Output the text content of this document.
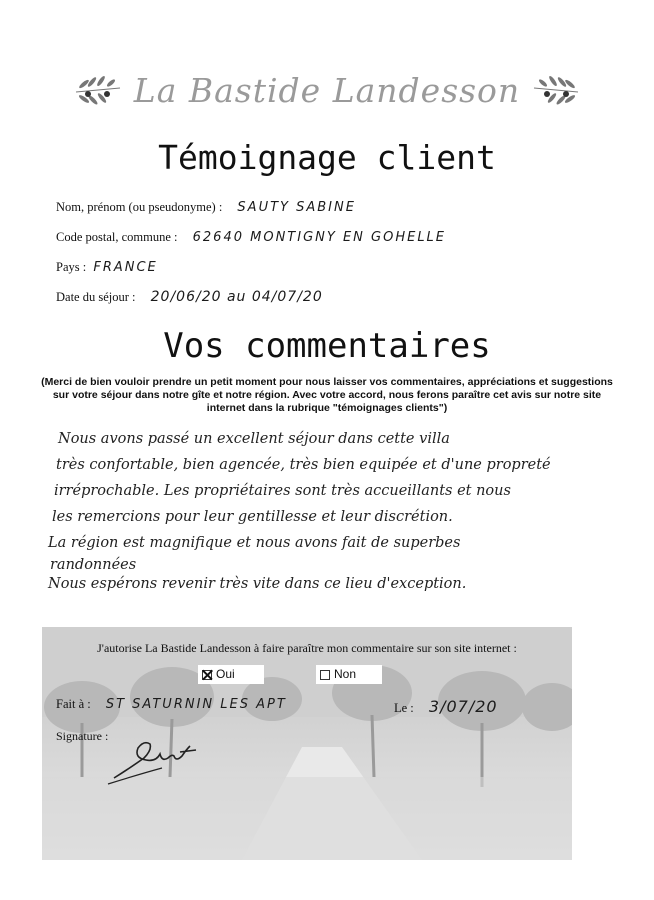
La Bastide Landesson
Témoignage client
Nom, prénom (ou pseudonyme) : SAUTY SABINE
Code postal, commune : 62640 MONTIGNY EN GOHELLE
Pays : FRANCE
Date du séjour : 20/06/20 au 04/07/20
Vos commentaires
(Merci de bien vouloir prendre un petit moment pour nous laisser vos commentaires, appréciations et suggestions sur votre séjour dans notre gîte et notre région. Avec votre accord, nous ferons paraître cet avis sur notre site internet dans la rubrique "témoignages clients")
Nous avons passé un excellent séjour dans cette villa
très confortable, bien agencée, très bien equipée et d'une propreté
irréprochable. Les propriétaires sont très accueillants et nous
les remercions pour leur gentillesse et leur discrétion.
La région est magnifique et nous avons fait de superbes
randonnées
Nous espérons revenir très vite dans ce lieu d'exception.
J'autorise La Bastide Landesson à faire paraître mon commentaire sur son site internet :
Oui	Non
Fait à : ST SATURNIN LES APT	Le : 3/07/20
Signature :
